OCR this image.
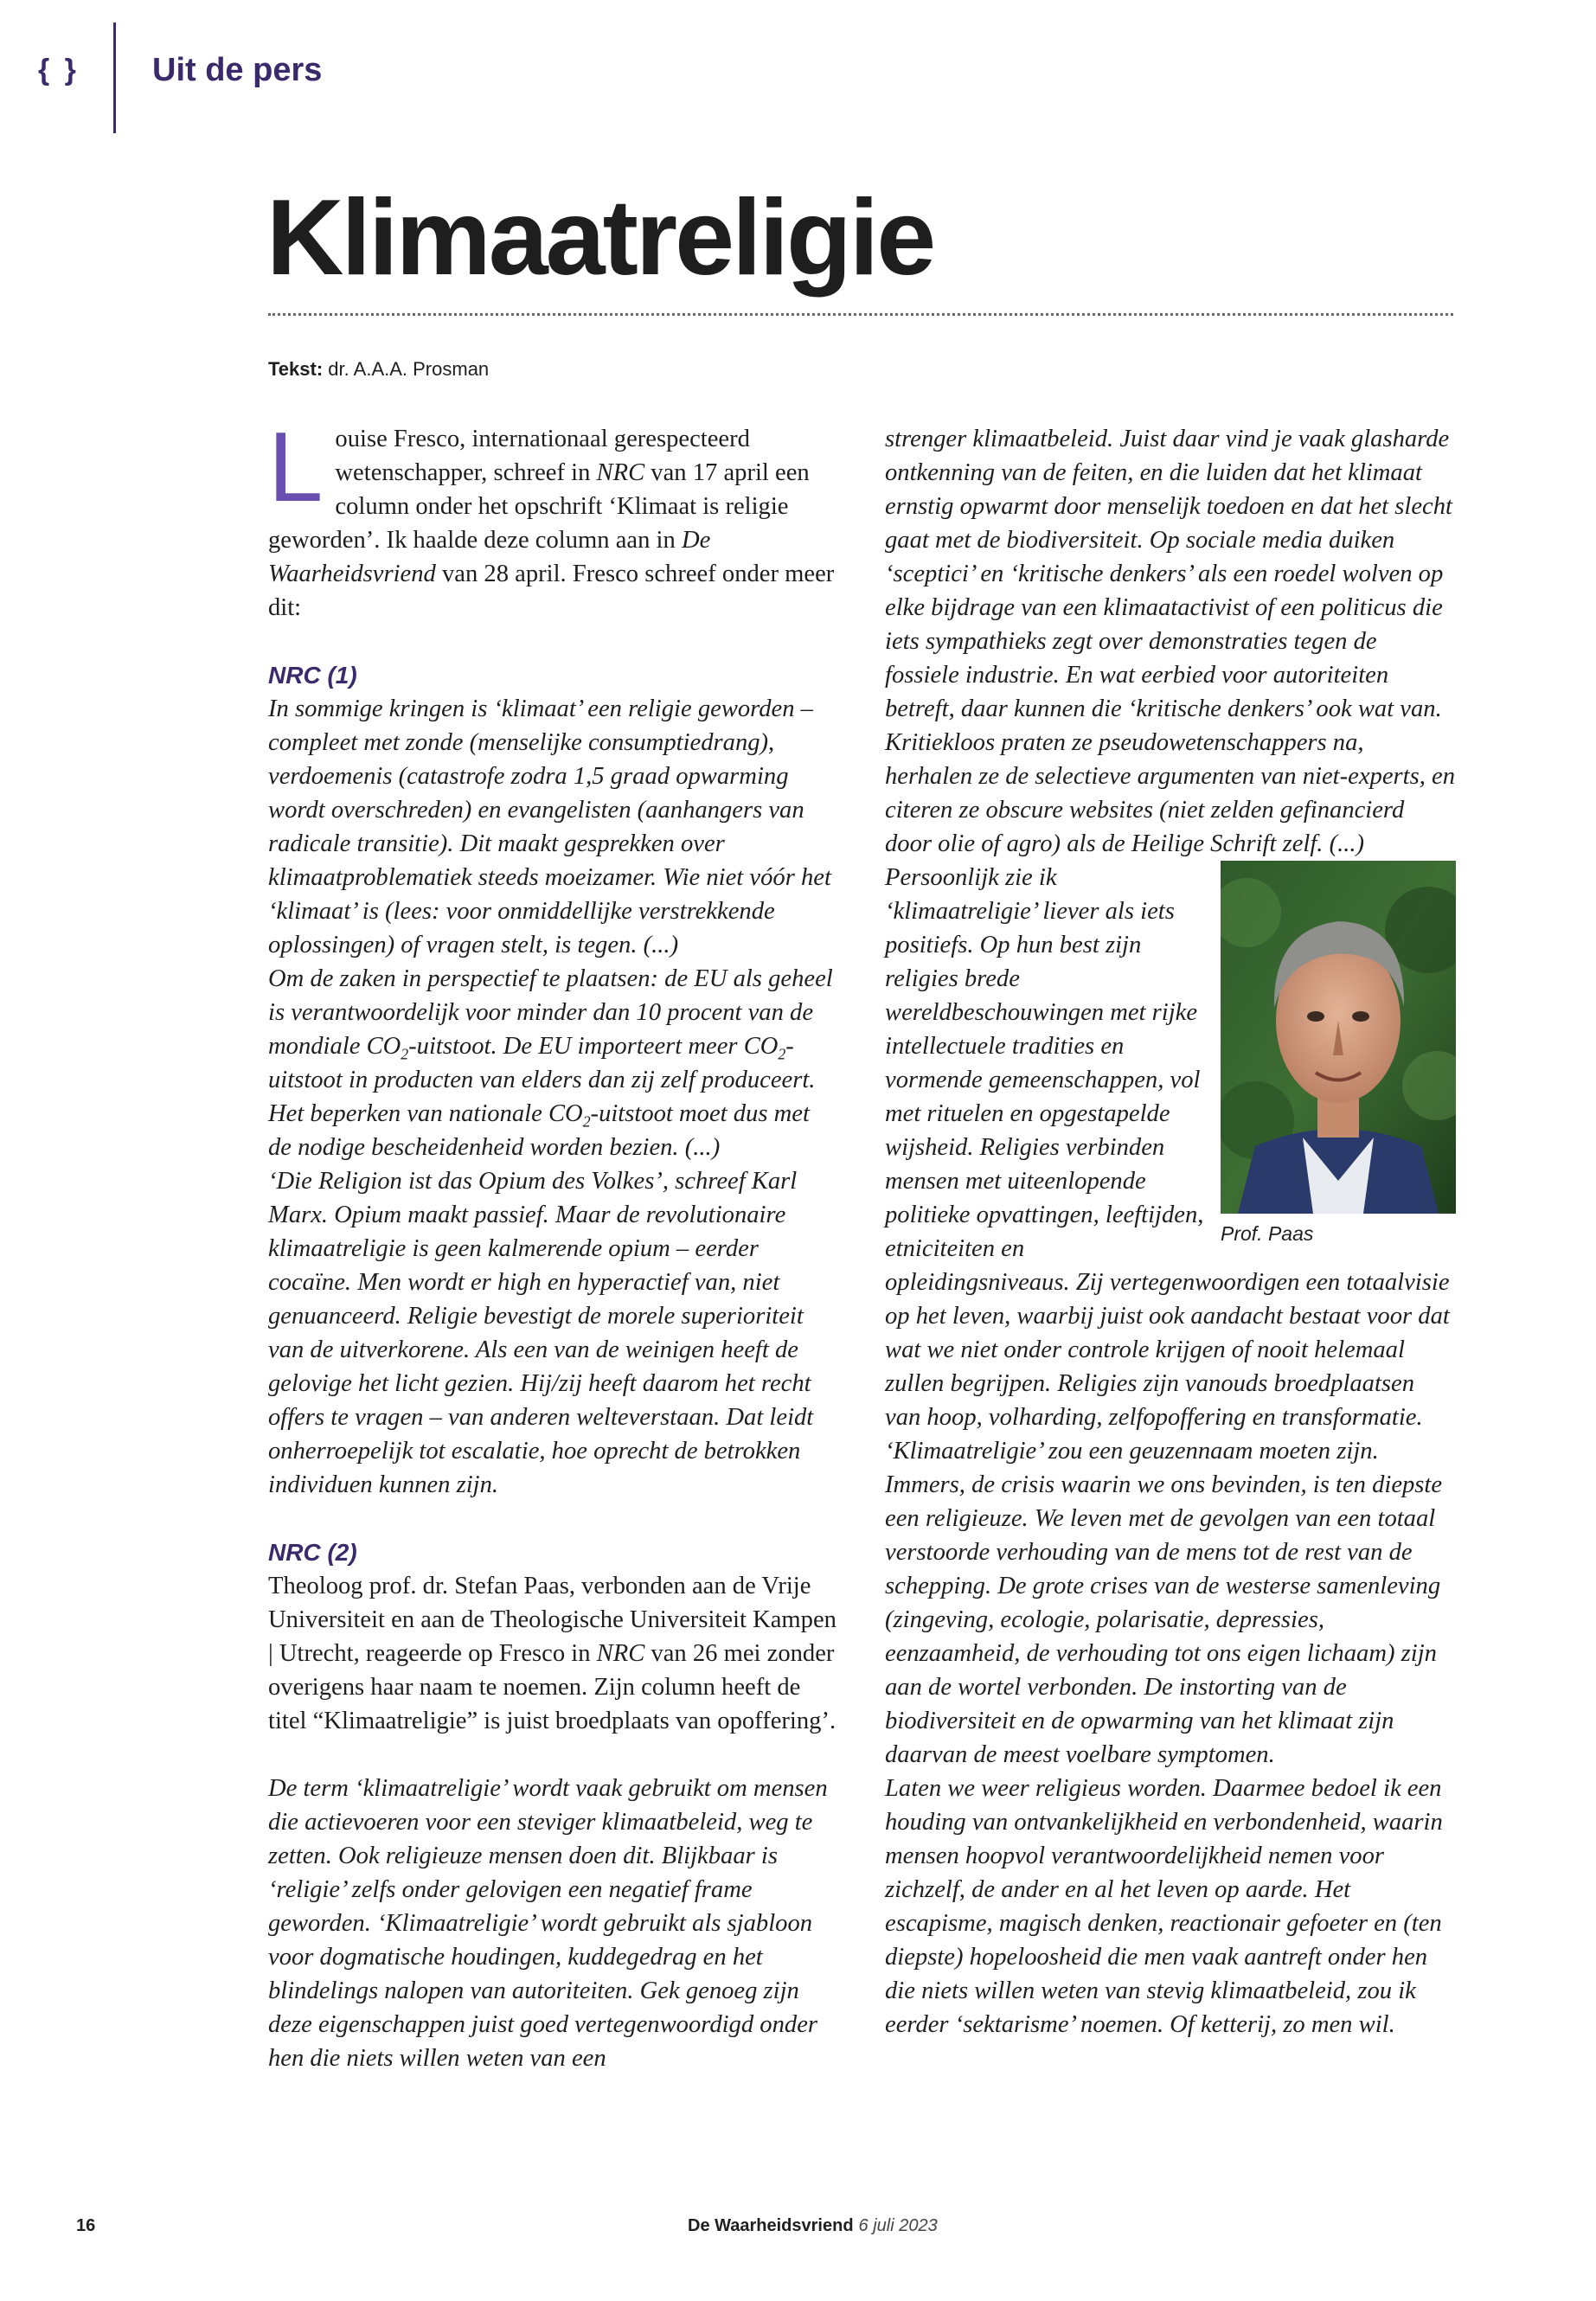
{ } Uit de pers
Klimaatreligie
Tekst: dr. A.A.A. Prosman

Louise Fresco, internationaal gerespecteerd wetenschapper, schreef in NRC van 17 april een column onder het opschrift ‘Klimaat is religie geworden’. Ik haalde deze column aan in De Waarheidsvriend van 28 april. Fresco schreef onder meer dit:

NRC (1)

In sommige kringen is ‘klimaat’ een religie geworden – compleet met zonde (menselijke consumptiedrang), verdoemenis (catastrofe zodra 1,5 graad opwarming wordt overschreden) en evangelisten (aanhangers van radicale transitie). Dit maakt gesprekken over klimaatproblematiek steeds moeizamer. Wie niet vóór het ‘klimaat’ is (lees: voor onmiddellijke verstrekkende oplossingen) of vragen stelt, is tegen. (...)

Om de zaken in perspectief te plaatsen: de EU als geheel is verantwoordelijk voor minder dan 10 procent van de mondiale $CO_2$-uitstoot. De EU importeert meer $CO_2$-uitstoot in producten van elders dan zij zelf produceert. Het beperken van nationale $CO_2$-uitstoot moet dus met de nodige bescheidenheid worden bezien. (...)

‘Die Religion ist das Opium des Volkes’, schreef Karl Marx. Opium maakt passief. Maar de revolutionaire klimaatreligie is geen kalmerende opium – eerder cocaïne. Men wordt er high en hyperactief van, niet genuanceerd. Religie bevestigt de morele superioriteit van de uitverkorene. Als een van de weinigen heeft de gelovige het licht gezien. Hij/zij heeft daarom het recht offers te vragen – van anderen welteverstaan. Dat leidt onherroepelijk tot escalatie, hoe oprecht de betrokken individuen kunnen zijn.

NRC (2)

Theoloog prof. dr. Stefan Paas, verbonden aan de Vrije Universiteit en aan de Theologische Universiteit Kampen | Utrecht, reageerde op Fresco in NRC van 26 mei zonder overigens haar naam te noemen. Zijn column heeft de titel “Klimaatreligie” is juist broedplaats van opoffering’.

De term ‘klimaatreligie’ wordt vaak gebruikt om mensen die actievoeren voor een steviger klimaatbeleid, weg te zetten. Ook religieuze mensen doen dit. Blijkbaar is ‘religie’ zelfs onder gelovigen een negatief frame geworden. ‘Klimaatreligie’ wordt gebruikt als sjabloon voor dogmatische houdingen, kuddegedrag en het blindelings nalopen van autoriteiten. Gek genoeg zijn deze eigenschappen juist goed vertegenwoordigd onder hen die niets willen weten van een

strenger klimaatbeleid. Juist daar vind je vaak glasharde ontkenning van de feiten, en die luiden dat het klimaat ernstig opwarmt door menselijk toedoen en dat het slecht gaat met de biodiversiteit. Op sociale media duiken ‘sceptici’ en ‘kritische denkers’ als een roedel wolven op elke bijdrage van een klimaatactivist of een politicus die iets sympathieks zegt over demonstraties tegen de fossiele industrie. En wat eerbied voor autoriteiten betreft, daar kunnen die ‘kritische denkers’ ook wat van. Kritiekloos praten ze pseudowetenschappers na, herhalen ze de selectieve argumenten van niet-experts, en citeren ze obscure websites (niet zelden gefinancierd door olie of agro) als de Heilige Schrift zelf. (...)

Prof. Paas

Persoonlijk zie ik ‘klimaatreligie’ liever als iets positiefs. Op hun best zijn religies brede wereldbeschouwingen met rijke intellectuele tradities en vormende gemeenschappen, vol met rituelen en opgestapelde wijsheid. Religies verbinden mensen met uiteenlopende politieke opvattingen, leeftijden, etniciteiten en opleidingsniveaus. Zij vertegenwoordigen een totaalvisie op het leven, waarbij juist ook aandacht bestaat voor dat wat we niet onder controle krijgen of nooit helemaal zullen begrijpen. Religies zijn vanouds broedplaatsen van hoop, volharding, zelfopoffering en transformatie.

‘Klimaatreligie’ zou een geuzennaam moeten zijn. Immers, de crisis waarin we ons bevinden, is ten diepste een religieuze. We leven met de gevolgen van een totaal verstoorde verhouding van de mens tot de rest van de schepping. De grote crises van de westerse samenleving (zingeving, ecologie, polarisatie, depressies, eenzaamheid, de verhouding tot ons eigen lichaam) zijn aan de wortel verbonden. De instorting van de biodiversiteit en de opwarming van het klimaat zijn daarvan de meest voelbare symptomen.

Laten we weer religieus worden. Daarmee bedoel ik een houding van ontvankelijkheid en verbondenheid, waarin mensen hoopvol verantwoordelijkheid nemen voor zichzelf, de ander en al het leven op aarde. Het escapisme, magisch denken, reactionair gefoeter en (ten diepste) hopeloosheid die men vaak aantreft onder hen die niets willen weten van stevig klimaatbeleid, zou ik eerder ‘sektarisme’ noemen. Of ketterij, zo men wil.

16	De Waarheidsvriend 6 juli 2023
